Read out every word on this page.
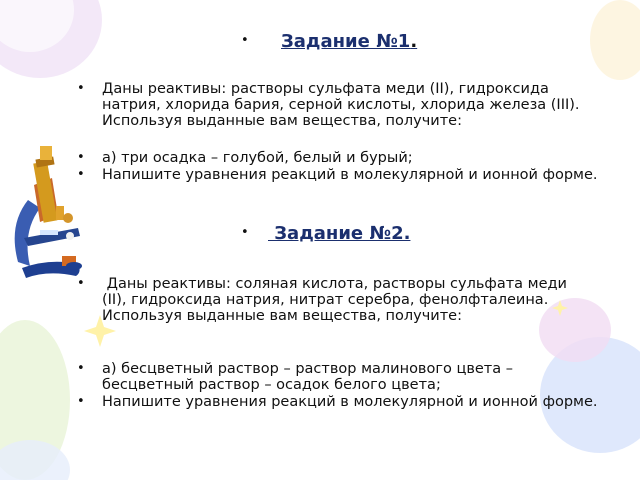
• Задание №1.
• Даны реактивы: растворы сульфата меди (II), гидроксида натрия, хлорида бария, серной кислоты, хлорида железа (III). Используя выданные вам вещества, получите:
• а) три осадка – голубой, белый и бурый;
• Напишите уравнения реакций в молекулярной и ионной форме.
• Задание №2.
• Даны реактивы: соляная кислота, растворы сульфата меди (II), гидроксида натрия, нитрат серебра, фенолфталеина. Используя выданные вам вещества, получите:
• а) бесцветный раствор – раствор малинового цвета – бесцветный раствор – осадок белого цвета;
• Напишите уравнения реакций в молекулярной и ионной форме.
